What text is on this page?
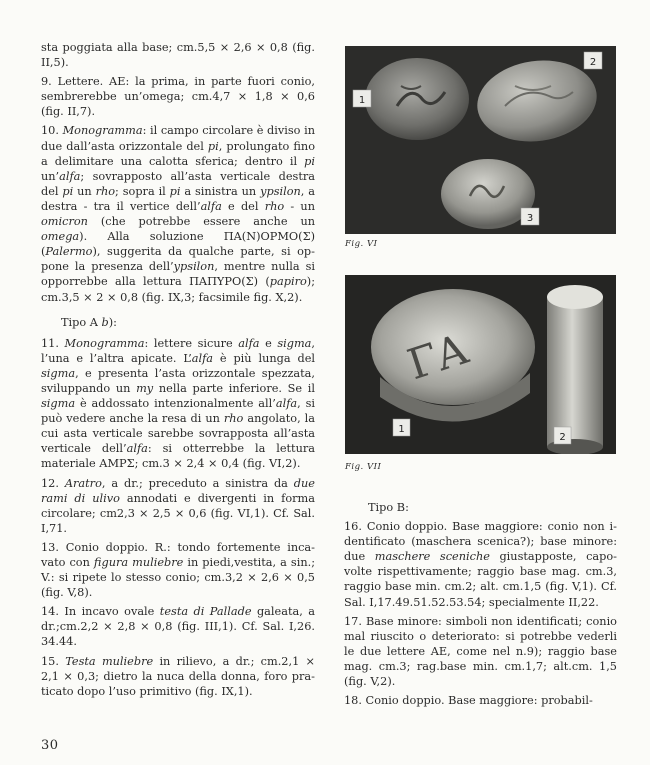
sta poggiata alla base; cm.5,5 × 2,6 × 0,8 (fig. II,5).

9. Lettere. AE: la prima, in parte fuori conio, sembrerebbe un’omega; cm.4,7 × 1,8 × 0,6 (fig. II,7).

10. Monogramma: il campo circolare è diviso in due dall’asta orizzontale del pi, prolungato fino a delimitare una calotta sferica; dentro il pi un’alfa; sovrapposto all’asta verticale destra del pi un rho; sopra il pi a sinistra un ypsilon, a destra - tra il vertice dell’alfa e del rho - un omicron (che potrebbe essere anche un omega). Alla soluzione ΠΑ(Ν)ΟΡΜΟ(Σ) (Palermo), suggerita da qualche parte, si oppone la presenza dell’ypsilon, mentre nulla si opporrebbe alla lettura ΠΑΠΥΡΟ(Σ) (papiro); cm.3,5 × 2 × 0,8 (fig. IX,3; facsimile fig. X,2).

Tipo A b):

11. Monogramma: lettere sicure alfa e sigma, l’una e l’altra apicate. L’alfa è più lunga del sigma, e presenta l’asta orizzontale spezzata, sviluppando un my nella parte inferiore. Se il sigma è addossato intenzionalmente all’alfa, si può vedere anche la resa di un rho angolato, la cui asta verticale sarebbe sovrapposta all’asta verticale dell’alfa: si otterrebbe la lettura materiale ΑΜΡΣ; cm.3 × 2,4 × 0,4 (fig. VI,2).

12. Aratro, a dr.; preceduto a sinistra da due rami di ulivo annodati e divergenti in forma circolare; cm2,3 × 2,5 × 0,6 (fig. VI,1). Cf. Sal. I,71.

13. Conio doppio. R.: tondo fortemente incavato con figura muliebre in piedi,vestita, a sin.; V.: si ripete lo stesso conio; cm.3,2 × 2,6 × 0,5 (fig. V,8).

14. In incavo ovale testa di Pallade galeata, a dr.;cm.2,2 × 2,8 × 0,8 (fig. III,1). Cf. Sal. I,26. 34.44.

15. Testa muliebre in rilievo, a dr.; cm.2,1 × 2,1 × 0,3; dietro la nuca della donna, foro praticato dopo l’uso primitivo (fig. IX,1).

1
2
3
Fig. VI
ΓΑ
1
2
Fig. VII

Tipo B:

16. Conio doppio. Base maggiore: conio non identificato (maschera scenica?); base minore: due maschere sceniche giustapposte, capovolte rispettivamente; raggio base mag. cm.3, raggio base min. cm.2; alt. cm.1,5 (fig. V,1). Cf. Sal. I,17.49.51.52.53.54; specialmente II,22.

17. Base minore: simboli non identificati; conio mal riuscito o deteriorato: si potrebbe vederli le due lettere AE, come nel n.9); raggio base mag. cm.3; rag.base min. cm.1,7; alt.cm. 1,5 (fig. V,2).

18. Conio doppio. Base maggiore: probabil-

30
